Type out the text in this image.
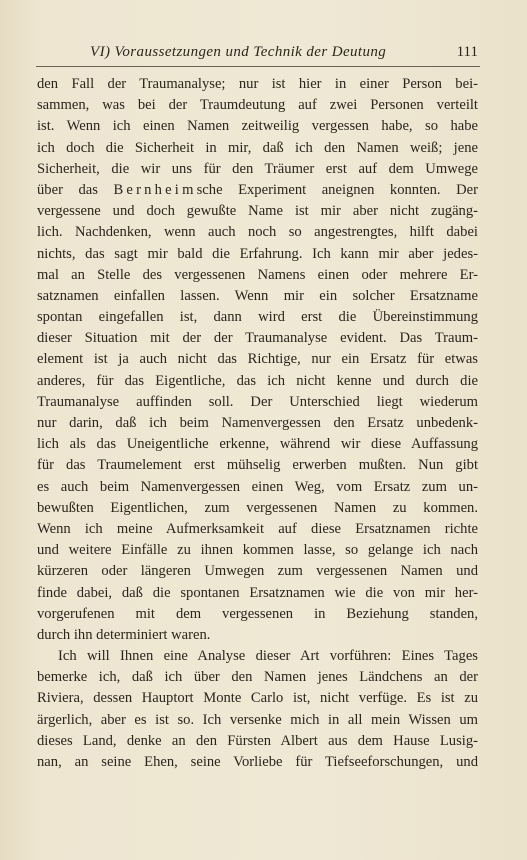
VI) Voraussetzungen und Technik der Deutung	111
den Fall der Traumanalyse; nur ist hier in einer Person bei-
sammen, was bei der Traumdeutung auf zwei Personen verteilt
ist. Wenn ich einen Namen zeitweilig vergessen habe, so habe
ich doch die Sicherheit in mir, daß ich den Namen weiß; jene
Sicherheit, die wir uns für den Träumer erst auf dem Umwege
über das Bernheimsche Experiment aneignen konnten. Der
vergessene und doch gewußte Name ist mir aber nicht zugäng-
lich. Nachdenken, wenn auch noch so angestrengtes, hilft dabei
nichts, das sagt mir bald die Erfahrung. Ich kann mir aber jedes-
mal an Stelle des vergessenen Namens einen oder mehrere Er-
satznamen einfallen lassen. Wenn mir ein solcher Ersatzname
spontan eingefallen ist, dann wird erst die Übereinstimmung
dieser Situation mit der der Traumanalyse evident. Das Traum-
element ist ja auch nicht das Richtige, nur ein Ersatz für etwas
anderes, für das Eigentliche, das ich nicht kenne und durch die
Traumanalyse auffinden soll. Der Unterschied liegt wiederum
nur darin, daß ich beim Namenvergessen den Ersatz unbedenk-
lich als das Uneigentliche erkenne, während wir diese Auffassung
für das Traumelement erst mühselig erwerben mußten. Nun gibt
es auch beim Namenvergessen einen Weg, vom Ersatz zum un-
bewußten Eigentlichen, zum vergessenen Namen zu kommen.
Wenn ich meine Aufmerksamkeit auf diese Ersatznamen richte
und weitere Einfälle zu ihnen kommen lasse, so gelange ich nach
kürzeren oder längeren Umwegen zum vergessenen Namen und
finde dabei, daß die spontanen Ersatznamen wie die von mir her-
vorgerufenen mit dem vergessenen in Beziehung standen,
durch ihn determiniert waren.
Ich will Ihnen eine Analyse dieser Art vorführen: Eines Tages
bemerke ich, daß ich über den Namen jenes Ländchens an der
Riviera, dessen Hauptort Monte Carlo ist, nicht verfüge. Es ist zu
ärgerlich, aber es ist so. Ich versenke mich in all mein Wissen um
dieses Land, denke an den Fürsten Albert aus dem Hause Lusig-
nan, an seine Ehen, seine Vorliebe für Tiefseeforschungen, und
